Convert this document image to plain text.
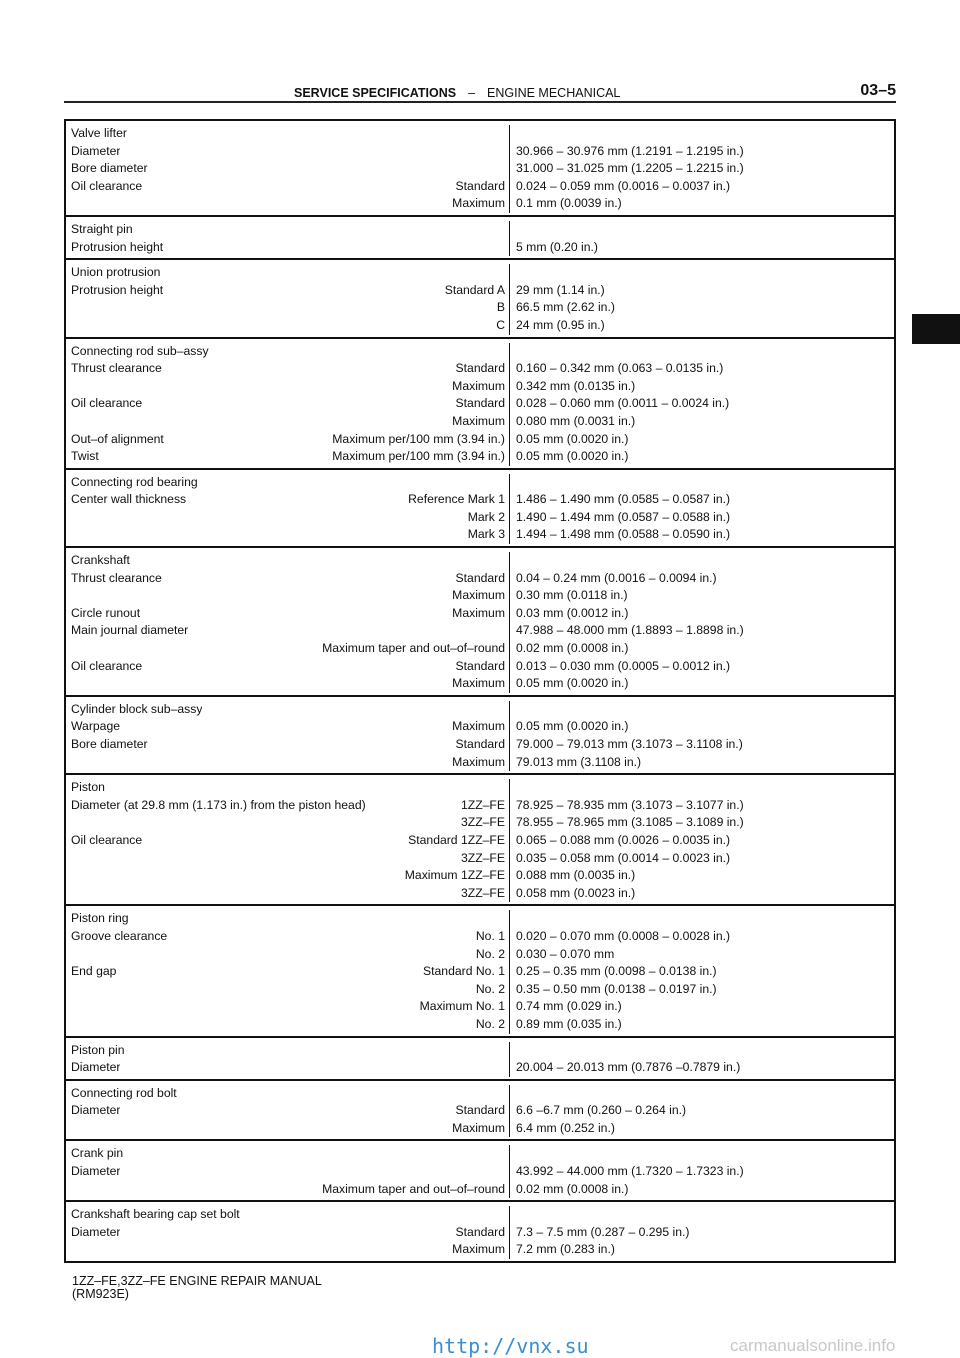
SERVICE SPECIFICATIONS – ENGINE MECHANICAL	03–5
Valve lifter
Diameter	30.966 – 30.976 mm (1.2191 – 1.2195 in.)
Bore diameter	31.000 – 31.025 mm (1.2205 – 1.2215 in.)
Oil clearance	Standard 0.024 – 0.059 mm (0.0016 – 0.0037 in.)
Maximum 0.1 mm (0.0039 in.)
Straight pin
Protrusion height	5 mm (0.20 in.)
Union protrusion
Protrusion height	Standard A 29 mm (1.14 in.)
B 66.5 mm (2.62 in.)
C 24 mm (0.95 in.)
Connecting rod sub–assy
Thrust clearance	Standard 0.160 – 0.342 mm (0.063 – 0.0135 in.)
Maximum 0.342 mm (0.0135 in.)
Oil clearance	Standard 0.028 – 0.060 mm (0.0011 – 0.0024 in.)
Maximum 0.080 mm (0.0031 in.)
Out–of alignment	Maximum per/100 mm (3.94 in.) 0.05 mm (0.0020 in.)
Twist	Maximum per/100 mm (3.94 in.) 0.05 mm (0.0020 in.)
Connecting rod bearing
Center wall thickness	Reference Mark 1 1.486 – 1.490 mm (0.0585 – 0.0587 in.)
Mark 2 1.490 – 1.494 mm (0.0587 – 0.0588 in.)
Mark 3 1.494 – 1.498 mm (0.0588 – 0.0590 in.)
Crankshaft
Thrust clearance	Standard 0.04 – 0.24 mm (0.0016 – 0.0094 in.)
Maximum 0.30 mm (0.0118 in.)
Circle runout	Maximum 0.03 mm (0.0012 in.)
Main journal diameter	47.988 – 48.000 mm (1.8893 – 1.8898 in.)
Maximum taper and out–of–round 0.02 mm (0.0008 in.)
Oil clearance	Standard 0.013 – 0.030 mm (0.0005 – 0.0012 in.)
Maximum 0.05 mm (0.0020 in.)
Cylinder block sub–assy
Warpage	Maximum 0.05 mm (0.0020 in.)
Bore diameter	Standard 79.000 – 79.013 mm (3.1073 – 3.1108 in.)
Maximum 79.013 mm (3.1108 in.)
Piston
Diameter (at 29.8 mm (1.173 in.) from the piston head)	1ZZ–FE 78.925 – 78.935 mm (3.1073 – 3.1077 in.)
3ZZ–FE 78.955 – 78.965 mm (3.1085 – 3.1089 in.)
Oil clearance	Standard 1ZZ–FE 0.065 – 0.088 mm (0.0026 – 0.0035 in.)
3ZZ–FE 0.035 – 0.058 mm (0.0014 – 0.0023 in.)
Maximum 1ZZ–FE 0.088 mm (0.0035 in.)
3ZZ–FE 0.058 mm (0.0023 in.)
Piston ring
Groove clearance	No. 1 0.020 – 0.070 mm (0.0008 – 0.0028 in.)
No. 2 0.030 – 0.070 mm
End gap	Standard No. 1 0.25 – 0.35 mm (0.0098 – 0.0138 in.)
No. 2 0.35 – 0.50 mm (0.0138 – 0.0197 in.)
Maximum No. 1 0.74 mm (0.029 in.)
No. 2 0.89 mm (0.035 in.)
Piston pin
Diameter	20.004 – 20.013 mm (0.7876 –0.7879 in.)
Connecting rod bolt
Diameter	Standard 6.6 –6.7 mm (0.260 – 0.264 in.)
Maximum 6.4 mm (0.252 in.)
Crank pin
Diameter	43.992 – 44.000 mm (1.7320 – 1.7323 in.)
Maximum taper and out–of–round 0.02 mm (0.0008 in.)
Crankshaft bearing cap set bolt
Diameter	Standard 7.3 – 7.5 mm (0.287 – 0.295 in.)
Maximum 7.2 mm (0.283 in.)
1ZZ–FE,3ZZ–FE ENGINE REPAIR MANUAL
(RM923E)
http://vnx.su	carmanualsonline.info
